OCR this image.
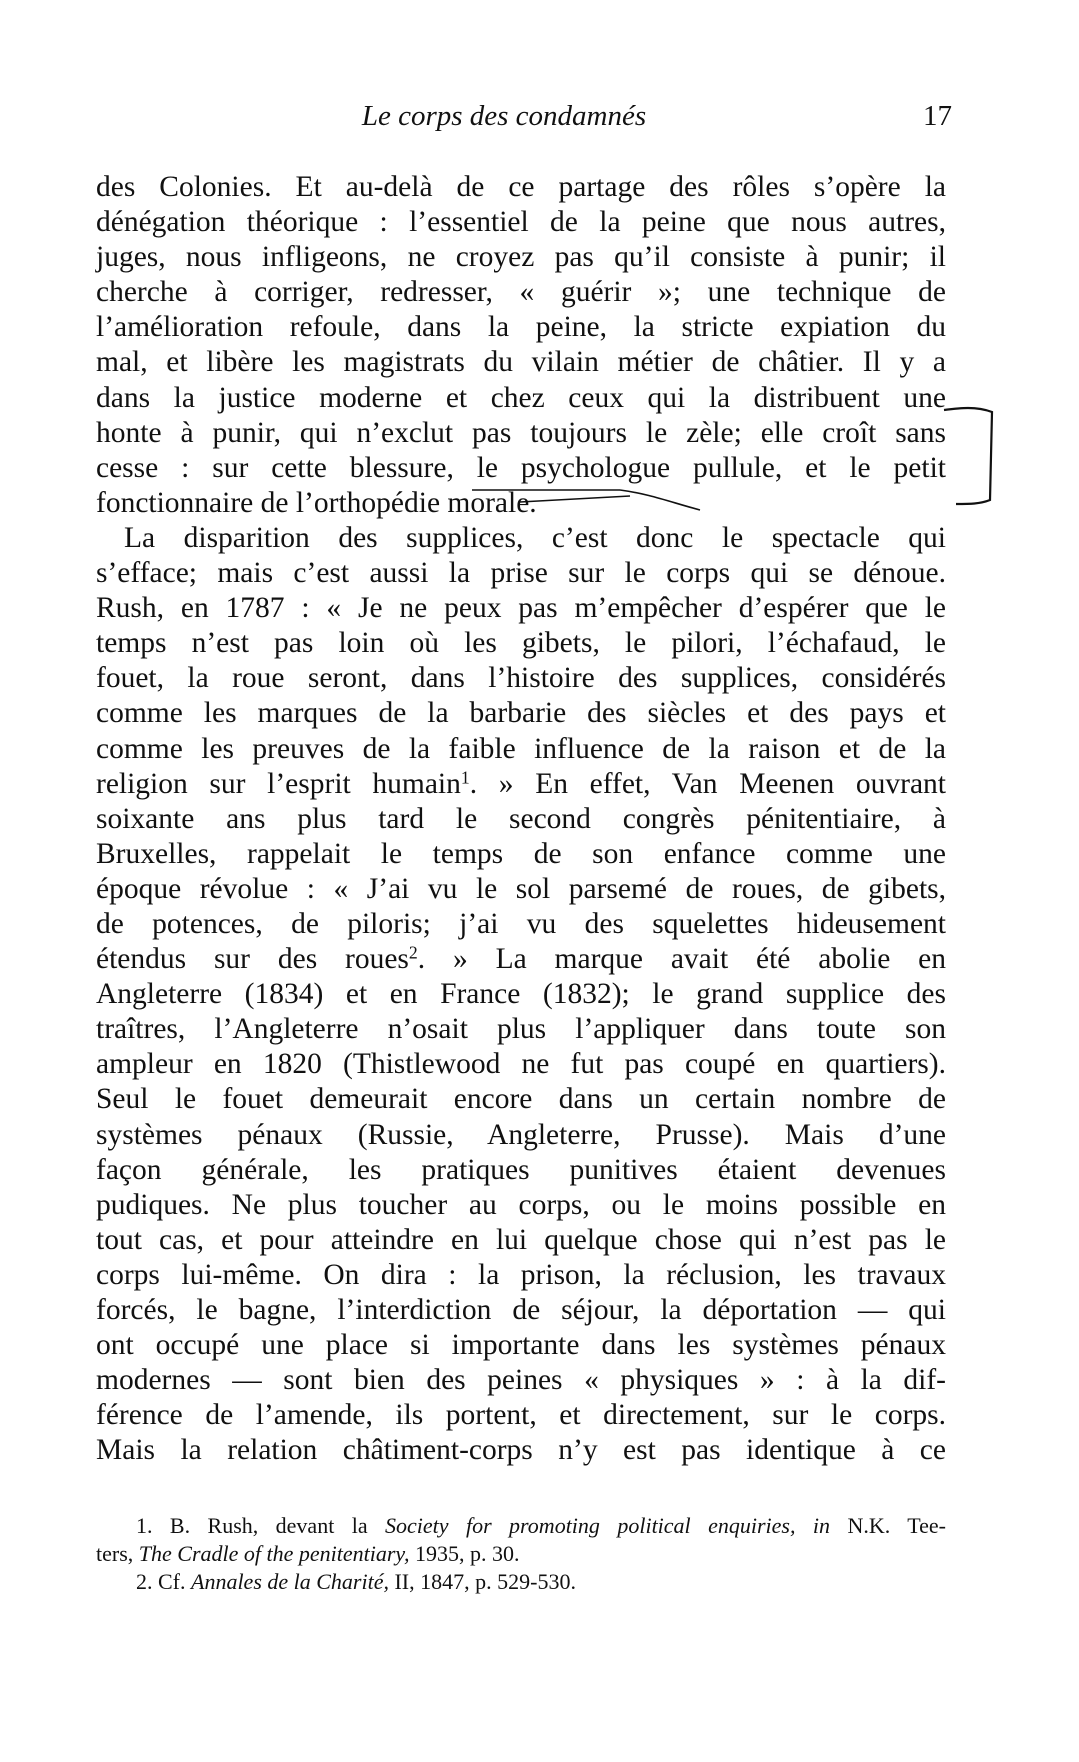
Le corps des condamnés	17
des Colonies. Et au-delà de ce partage des rôles s’opère la
dénégation théorique : l’essentiel de la peine que nous autres,
juges, nous infligeons, ne croyez pas qu’il consiste à punir; il
cherche à corriger, redresser, « guérir »; une technique de
l’amélioration refoule, dans la peine, la stricte expiation du
mal, et libère les magistrats du vilain métier de châtier. Il y a
dans la justice moderne et chez ceux qui la distribuent une
honte à punir, qui n’exclut pas toujours le zèle; elle croît sans
cesse : sur cette blessure, le psychologue pullule, et le petit
fonctionnaire de l’orthopédie morale.
La disparition des supplices, c’est donc le spectacle qui
s’efface; mais c’est aussi la prise sur le corps qui se dénoue.
Rush, en 1787 : « Je ne peux pas m’empêcher d’espérer que le
temps n’est pas loin où les gibets, le pilori, l’échafaud, le
fouet, la roue seront, dans l’histoire des supplices, considérés
comme les marques de la barbarie des siècles et des pays et
comme les preuves de la faible influence de la raison et de la
religion sur l’esprit humain$^1$. » En effet, Van Meenen ouvrant
soixante ans plus tard le second congrès pénitentiaire, à
Bruxelles, rappelait le temps de son enfance comme une
époque révolue : « J’ai vu le sol parsemé de roues, de gibets,
de potences, de piloris; j’ai vu des squelettes hideusement
étendus sur des roues$^2$. » La marque avait été abolie en
Angleterre (1834) et en France (1832); le grand supplice des
traîtres, l’Angleterre n’osait plus l’appliquer dans toute son
ampleur en 1820 (Thistlewood ne fut pas coupé en quartiers).
Seul le fouet demeurait encore dans un certain nombre de
systèmes pénaux (Russie, Angleterre, Prusse). Mais d’une
façon générale, les pratiques punitives étaient devenues
pudiques. Ne plus toucher au corps, ou le moins possible en
tout cas, et pour atteindre en lui quelque chose qui n’est pas le
corps lui-même. On dira : la prison, la réclusion, les travaux
forcés, le bagne, l’interdiction de séjour, la déportation — qui
ont occupé une place si importante dans les systèmes pénaux
modernes — sont bien des peines « physiques » : à la dif-
férence de l’amende, ils portent, et directement, sur le corps.
Mais la relation châtiment-corps n’y est pas identique à ce
1. B. Rush, devant la Society for promoting political enquiries, in N.K. Tee-
ters, The Cradle of the penitentiary, 1935, p. 30.
2. Cf. Annales de la Charité, II, 1847, p. 529-530.
